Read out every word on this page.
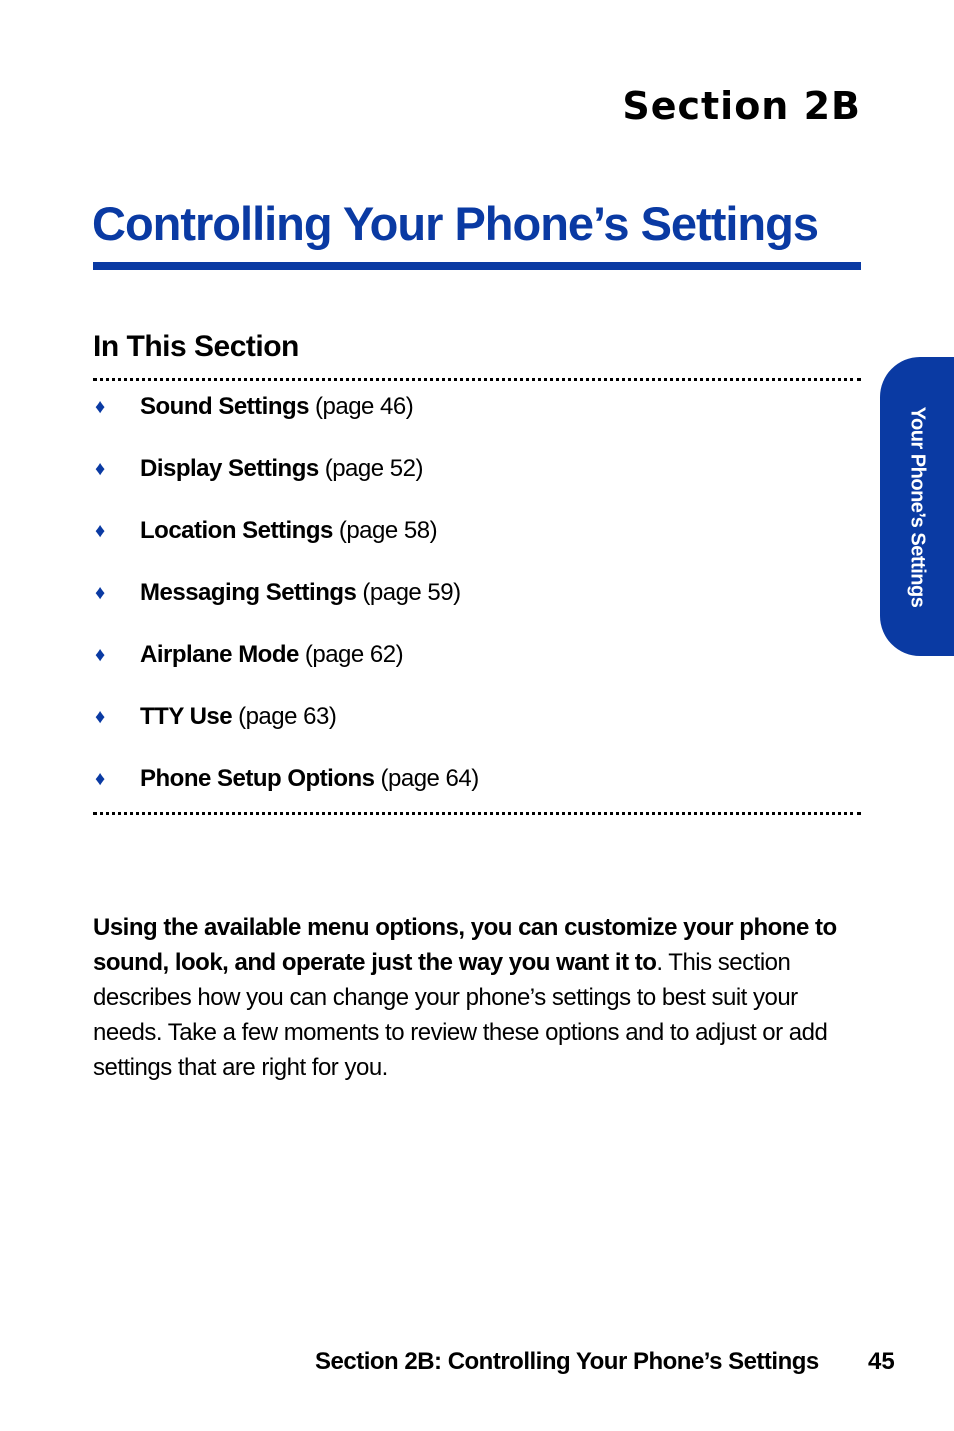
Section 2B
Controlling Your Phone’s Settings
Your Phone’s Settings
In This Section
♦	Sound Settings (page 46)
♦	Display Settings (page 52)
♦	Location Settings (page 58)
♦	Messaging Settings (page 59)
♦	Airplane Mode (page 62)
♦	TTY Use (page 63)
♦	Phone Setup Options (page 64)

Using the available menu options, you can customize your phone to sound, look, and operate just the way you want it to. This section describes how you can change your phone’s settings to best suit your needs. Take a few moments to review these options and to adjust or add settings that are right for you.

Section 2B: Controlling Your Phone’s Settings 45
